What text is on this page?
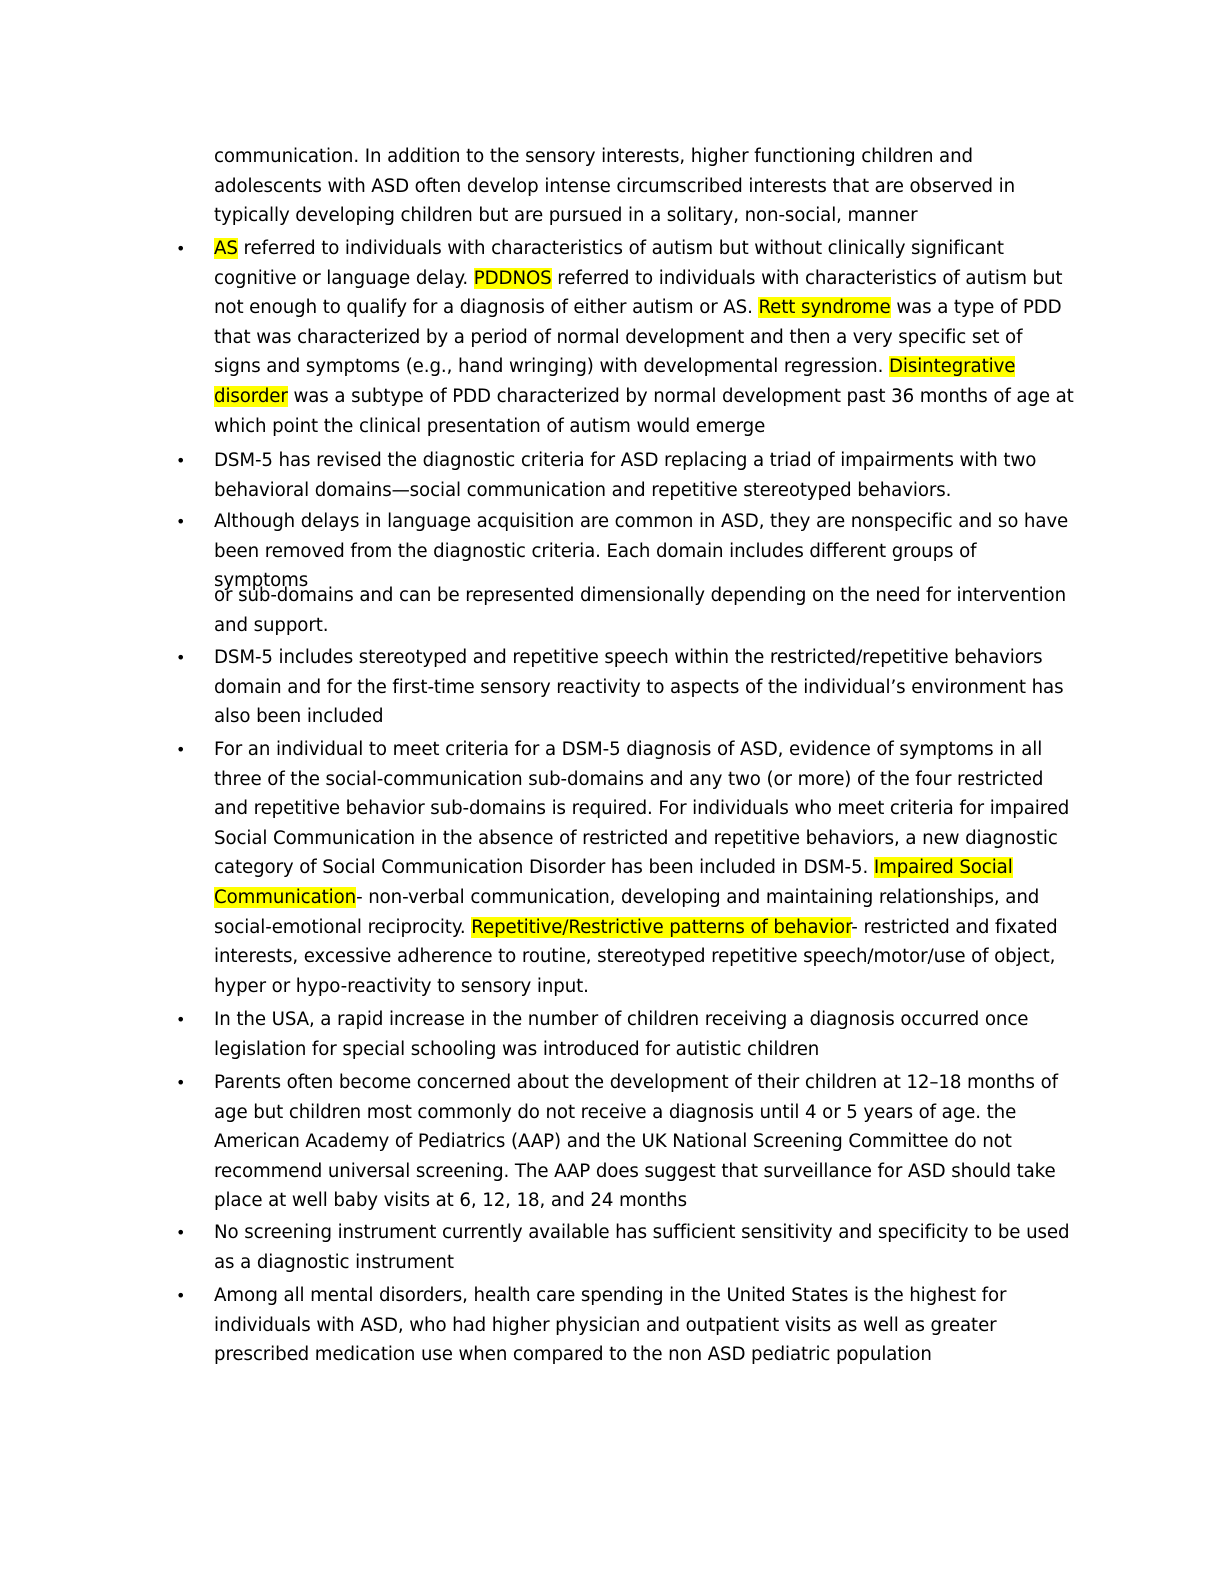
communication. In addition to the sensory interests, higher functioning children and adolescents with ASD often develop intense circumscribed interests that are observed in typically developing children but are pursued in a solitary, non-social, manner
• AS referred to individuals with characteristics of autism but without clinically significant cognitive or language delay. PDDNOS referred to individuals with characteristics of autism but not enough to qualify for a diagnosis of either autism or AS. Rett syndrome was a type of PDD that was characterized by a period of normal development and then a very specific set of signs and symptoms (e.g., hand wringing) with developmental regression. Disintegrative disorder was a subtype of PDD characterized by normal development past 36 months of age at which point the clinical presentation of autism would emerge
• DSM-5 has revised the diagnostic criteria for ASD replacing a triad of impairments with two behavioral domains—social communication and repetitive stereotyped behaviors.
• Although delays in language acquisition are common in ASD, they are nonspecific and so have been removed from the diagnostic criteria. Each domain includes different groups of symptoms
or sub-domains and can be represented dimensionally depending on the need for intervention and support.
• DSM-5 includes stereotyped and repetitive speech within the restricted/repetitive behaviors domain and for the first-time sensory reactivity to aspects of the individual’s environment has also been included
• For an individual to meet criteria for a DSM-5 diagnosis of ASD, evidence of symptoms in all three of the social-communication sub-domains and any two (or more) of the four restricted and repetitive behavior sub-domains is required. For individuals who meet criteria for impaired Social Communication in the absence of restricted and repetitive behaviors, a new diagnostic category of Social Communication Disorder has been included in DSM-5. Impaired Social Communication- non-verbal communication, developing and maintaining relationships, and social-emotional reciprocity. Repetitive/Restrictive patterns of behavior- restricted and fixated interests, excessive adherence to routine, stereotyped repetitive speech/motor/use of object, hyper or hypo-reactivity to sensory input.
• In the USA, a rapid increase in the number of children receiving a diagnosis occurred once legislation for special schooling was introduced for autistic children
• Parents often become concerned about the development of their children at 12–18 months of age but children most commonly do not receive a diagnosis until 4 or 5 years of age. the American Academy of Pediatrics (AAP) and the UK National Screening Committee do not recommend universal screening. The AAP does suggest that surveillance for ASD should take place at well baby visits at 6, 12, 18, and 24 months
• No screening instrument currently available has sufficient sensitivity and specificity to be used as a diagnostic instrument
• Among all mental disorders, health care spending in the United States is the highest for individuals with ASD, who had higher physician and outpatient visits as well as greater prescribed medication use when compared to the non ASD pediatric population
